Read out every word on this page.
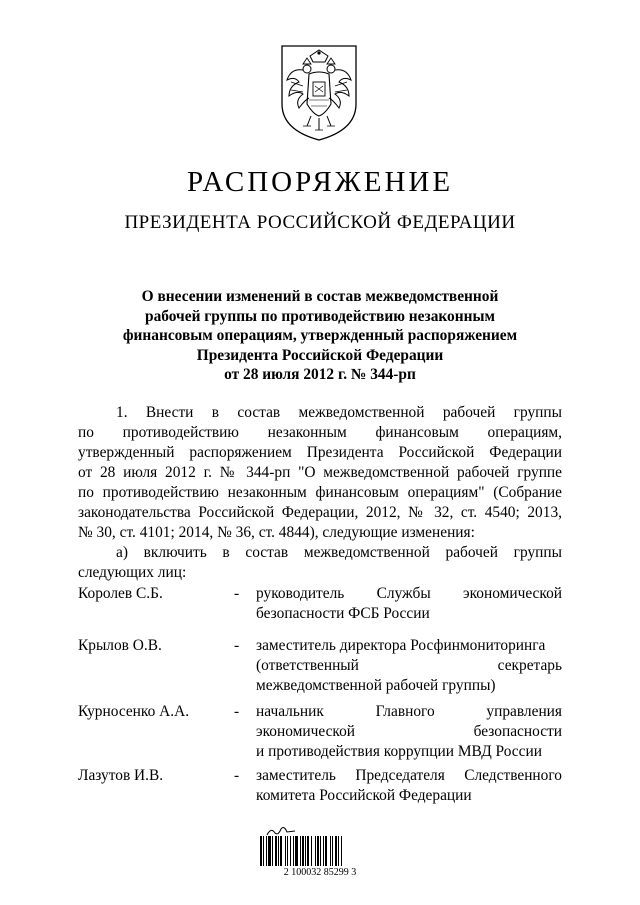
РАСПОРЯЖЕНИЕ
ПРЕЗИДЕНТА РОССИЙСКОЙ ФЕДЕРАЦИИ
О внесении изменений в состав межведомственной
рабочей группы по противодействию незаконным
финансовым операциям, утвержденный распоряжением
Президента Российской Федерации
от 28 июля 2012 г. № 344-рп
1. Внести в состав межведомственной рабочей группы
по противодействию незаконным финансовым операциям,
утвержденный распоряжением Президента Российской Федерации
от 28 июля 2012 г. № 344-рп "О межведомственной рабочей группе
по противодействию незаконным финансовым операциям" (Собрание
законодательства Российской Федерации, 2012, № 32, ст. 4540; 2013,
№ 30, ст. 4101; 2014, № 36, ст. 4844), следующие изменения:
а) включить в состав межведомственной рабочей группы
следующих лиц:
Королев С.Б.	- руководитель Службы экономической
безопасности ФСБ России
Крылов О.В.	- заместитель директора Росфинмониторинга
(ответственный секретарь
межведомственной рабочей группы)
Курносенко А.А.	- начальник Главного управления
экономической безопасности
и противодействия коррупции МВД России
Лазутов И.В.	- заместитель Председателя Следственного
комитета Российской Федерации
2 100032 85299 3
